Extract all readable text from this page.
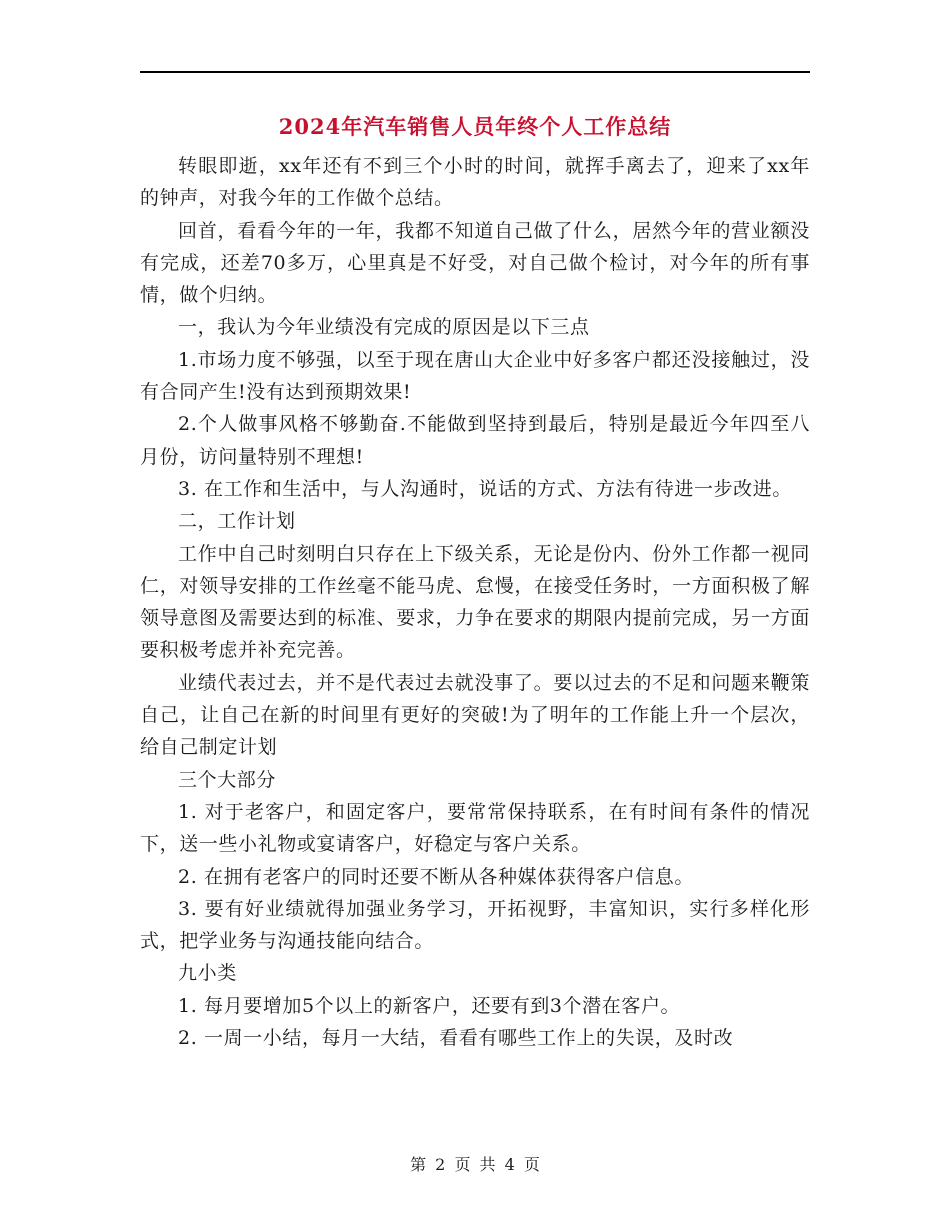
2024年汽车销售人员年终个人工作总结

转眼即逝，xx年还有不到三个小时的时间，就挥手离去了，迎来了xx年的钟声，对我今年的工作做个总结。

回首，看看今年的一年，我都不知道自己做了什么，居然今年的营业额没有完成，还差70多万，心里真是不好受，对自己做个检讨，对今年的所有事情，做个归纳。

一，我认为今年业绩没有完成的原因是以下三点

1.市场力度不够强，以至于现在唐山大企业中好多客户都还没接触过，没有合同产生!没有达到预期效果!

2.个人做事风格不够勤奋.不能做到坚持到最后，特别是最近今年四至八月份，访问量特别不理想!

3. 在工作和生活中，与人沟通时，说话的方式、方法有待进一步改进。

二，工作计划

工作中自己时刻明白只存在上下级关系，无论是份内、份外工作都一视同仁，对领导安排的工作丝毫不能马虎、怠慢，在接受任务时，一方面积极了解领导意图及需要达到的标准、要求，力争在要求的期限内提前完成，另一方面要积极考虑并补充完善。

业绩代表过去，并不是代表过去就没事了。要以过去的不足和问题来鞭策自己，让自己在新的时间里有更好的突破!为了明年的工作能上升一个层次，给自己制定计划

三个大部分

1. 对于老客户，和固定客户，要常常保持联系，在有时间有条件的情况下，送一些小礼物或宴请客户，好稳定与客户关系。

2. 在拥有老客户的同时还要不断从各种媒体获得客户信息。

3. 要有好业绩就得加强业务学习，开拓视野，丰富知识，实行多样化形式，把学业务与沟通技能向结合。

九小类

1. 每月要增加5个以上的新客户，还要有到3个潜在客户。

2. 一周一小结，每月一大结，看看有哪些工作上的失误，及时改

第 2 页 共 4 页
